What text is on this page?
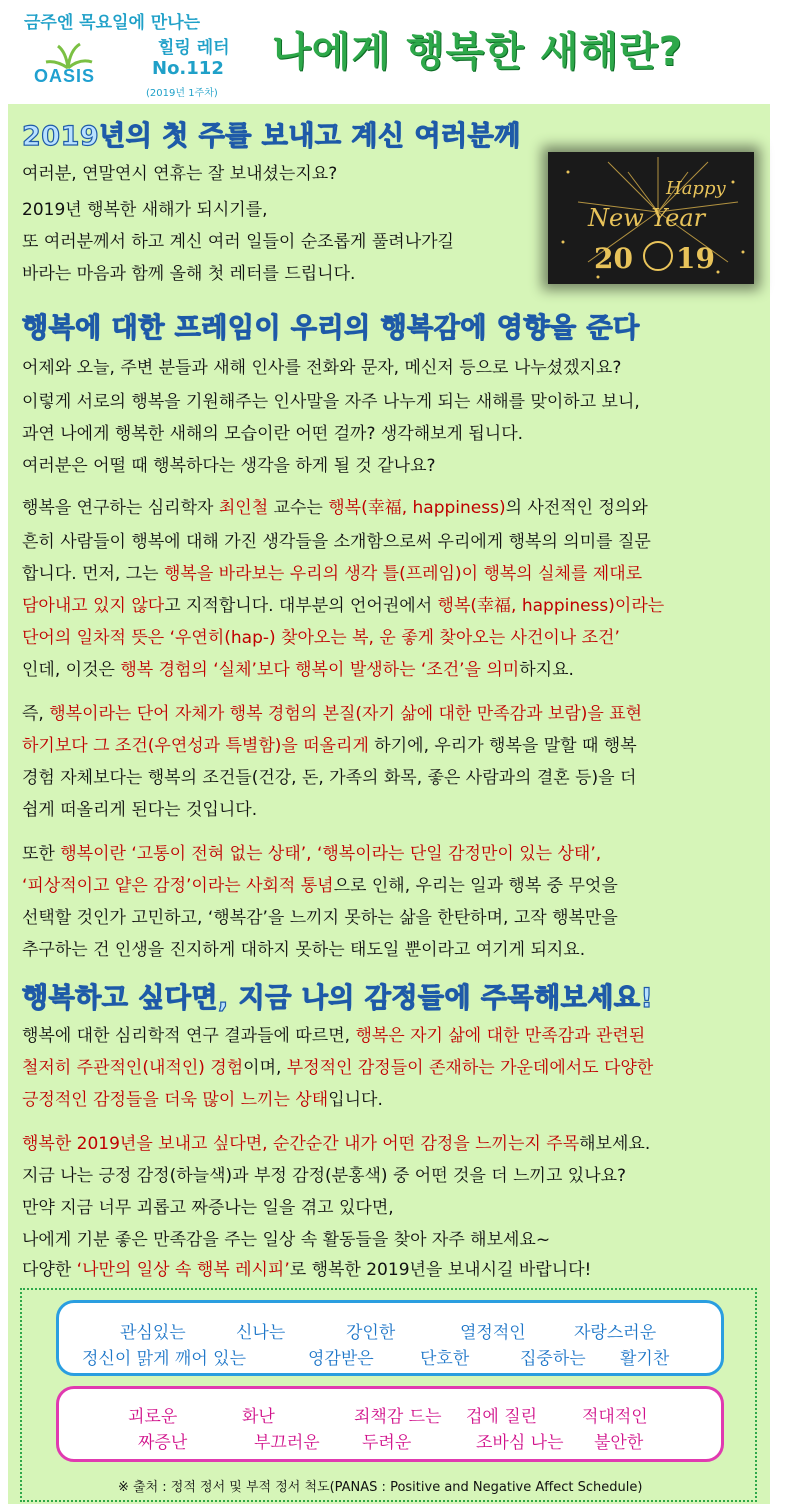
금주엔 목요일에 만나는
힐링 레터
No.112
(2019년 1주차)
OASIS
나에게 행복한 새해란?
2019년의 첫 주를 보내고 계신 여러분께
여러분, 연말연시 연휴는 잘 보내셨는지요?
2019년 행복한 새해가 되시기를,
또 여러분께서 하고 계신 여러 일들이 순조롭게 풀려나가길
바라는 마음과 함께 올해 첫 레터를 드립니다.
Happy
New Year
20 19
행복에 대한 프레임이 우리의 행복감에 영향을 준다
어제와 오늘, 주변 분들과 새해 인사를 전화와 문자, 메신저 등으로 나누셨겠지요?
이렇게 서로의 행복을 기원해주는 인사말을 자주 나누게 되는 새해를 맞이하고 보니,
과연 나에게 행복한 새해의 모습이란 어떤 걸까? 생각해보게 됩니다.
여러분은 어떨 때 행복하다는 생각을 하게 될 것 같나요?
행복을 연구하는 심리학자 최인철 교수는 행복(幸福, happiness)의 사전적인 정의와
흔히 사람들이 행복에 대해 가진 생각들을 소개함으로써 우리에게 행복의 의미를 질문
합니다. 먼저, 그는 행복을 바라보는 우리의 생각 틀(프레임)이 행복의 실체를 제대로
담아내고 있지 않다고 지적합니다. 대부분의 언어권에서 행복(幸福, happiness)이라는
단어의 일차적 뜻은 ‘우연히(hap-) 찾아오는 복, 운 좋게 찾아오는 사건이나 조건’
인데, 이것은 행복 경험의 ‘실체’보다 행복이 발생하는 ‘조건’을 의미하지요.
즉, 행복이라는 단어 자체가 행복 경험의 본질(자기 삶에 대한 만족감과 보람)을 표현
하기보다 그 조건(우연성과 특별함)을 떠올리게 하기에, 우리가 행복을 말할 때 행복
경험 자체보다는 행복의 조건들(건강, 돈, 가족의 화목, 좋은 사람과의 결혼 등)을 더
쉽게 떠올리게 된다는 것입니다.
또한 행복이란 ‘고통이 전혀 없는 상태’, ‘행복이라는 단일 감정만이 있는 상태’,
‘피상적이고 얕은 감정’이라는 사회적 통념으로 인해, 우리는 일과 행복 중 무엇을
선택할 것인가 고민하고, ‘행복감’을 느끼지 못하는 삶을 한탄하며, 고작 행복만을
추구하는 건 인생을 진지하게 대하지 못하는 태도일 뿐이라고 여기게 되지요.
행복하고 싶다면, 지금 나의 감정들에 주목해보세요!
행복에 대한 심리학적 연구 결과들에 따르면, 행복은 자기 삶에 대한 만족감과 관련된
철저히 주관적인(내적인) 경험이며, 부정적인 감정들이 존재하는 가운데에서도 다양한
긍정적인 감정들을 더욱 많이 느끼는 상태입니다.
행복한 2019년을 보내고 싶다면, 순간순간 내가 어떤 감정을 느끼는지 주목해보세요.
지금 나는 긍정 감정(하늘색)과 부정 감정(분홍색) 중 어떤 것을 더 느끼고 있나요?
만약 지금 너무 괴롭고 짜증나는 일을 겪고 있다면,
나에게 기분 좋은 만족감을 주는 일상 속 활동들을 찾아 자주 해보세요~
다양한 ‘나만의 일상 속 행복 레시피’로 행복한 2019년을 보내시길 바랍니다!
관심있는	신나는	강인한	열정적인	자랑스러운
정신이 맑게 깨어 있는	영감받은	단호한	집중하는 활기찬
괴로운	화난	죄책감 드는 겁에 질린	적대적인
짜증난	부끄러운 두려운	조바심 나는 불안한
※ 출처 : 정적 정서 및 부적 정서 척도(PANAS : Positive and Negative Affect Schedule)
